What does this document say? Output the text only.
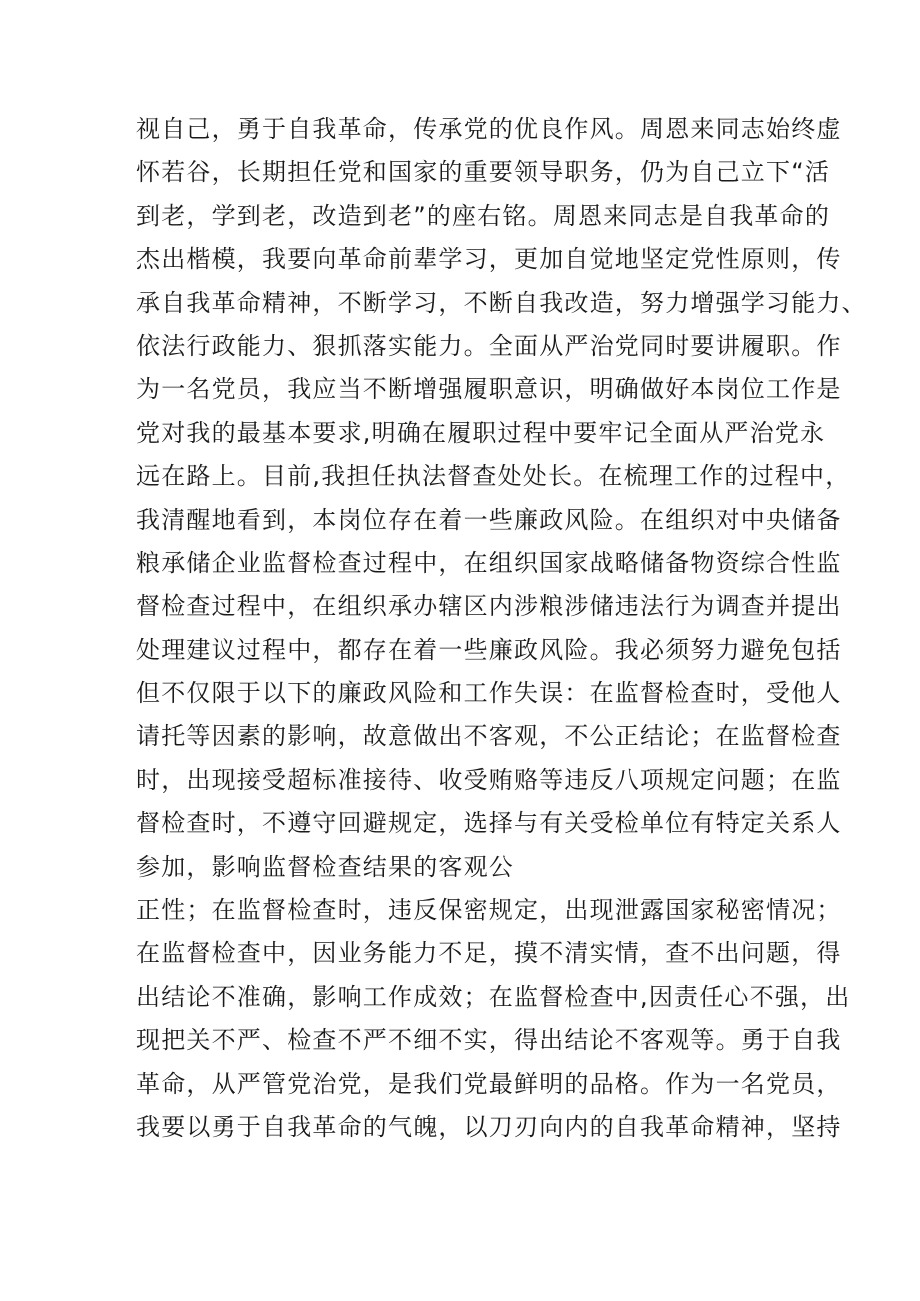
视自己，勇于自我革命，传承党的优良作风。周恩来同志始终虚
怀若谷，长期担任党和国家的重要领导职务，仍为自己立下“活
到老，学到老，改造到老”的座右铭。周恩来同志是自我革命的
杰出楷模，我要向革命前辈学习，更加自觉地坚定党性原则，传
承自我革命精神，不断学习，不断自我改造，努力增强学习能力、
依法行政能力、狠抓落实能力。全面从严治党同时要讲履职。作
为一名党员，我应当不断增强履职意识，明确做好本岗位工作是
党对我的最基本要求,明确在履职过程中要牢记全面从严治党永
远在路上。目前,我担任执法督查处处长。在梳理工作的过程中，
我清醒地看到，本岗位存在着一些廉政风险。在组织对中央储备
粮承储企业监督检查过程中，在组织国家战略储备物资综合性监
督检查过程中，在组织承办辖区内涉粮涉储违法行为调查并提出
处理建议过程中，都存在着一些廉政风险。我必须努力避免包括
但不仅限于以下的廉政风险和工作失误：在监督检查时，受他人
请托等因素的影响，故意做出不客观，不公正结论；在监督检查
时，出现接受超标准接待、收受贿赂等违反八项规定问题；在监
督检查时，不遵守回避规定，选择与有关受检单位有特定关系人
参加，影响监督检查结果的客观公
正性；在监督检查时，违反保密规定，出现泄露国家秘密情况；
在监督检查中，因业务能力不足，摸不清实情，查不出问题，得
出结论不准确，影响工作成效；在监督检查中,因责任心不强，出
现把关不严、检查不严不细不实，得出结论不客观等。勇于自我
革命，从严管党治党，是我们党最鲜明的品格。作为一名党员，
我要以勇于自我革命的气魄，以刀刃向内的自我革命精神，坚持
